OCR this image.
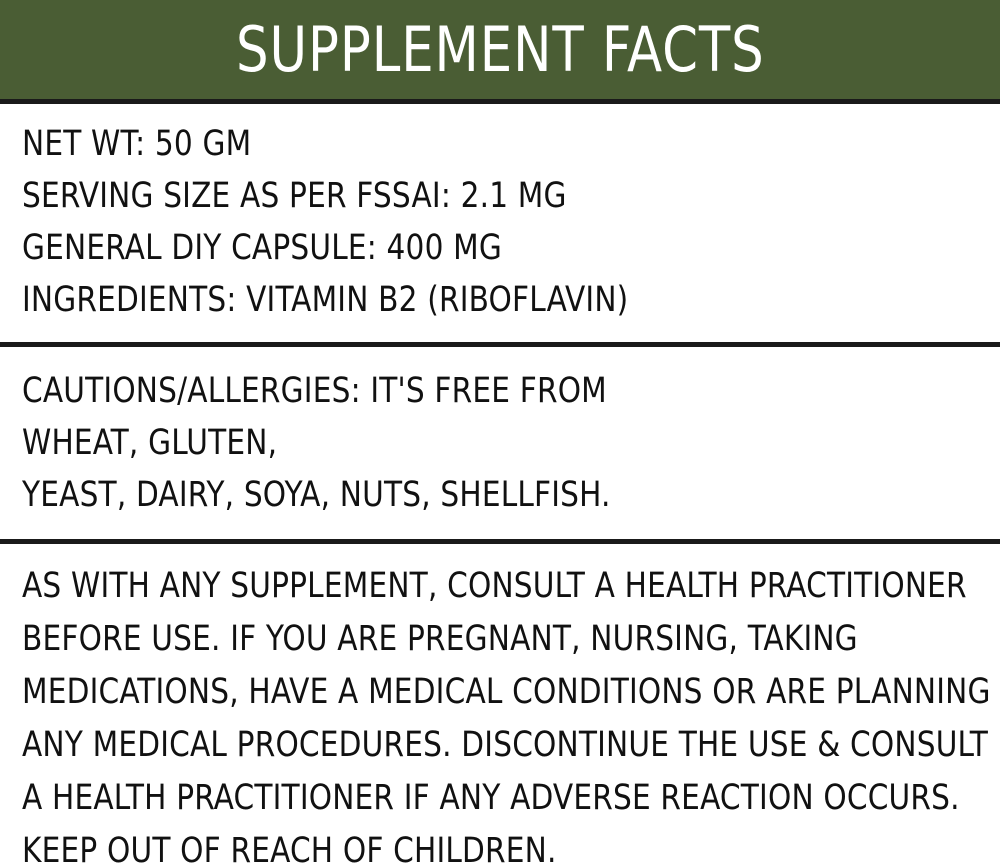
SUPPLEMENT FACTS
NET WT: 50 GM
SERVING SIZE AS PER FSSAI: 2.1 MG
GENERAL DIY CAPSULE: 400 MG
INGREDIENTS: VITAMIN B2 (RIBOFLAVIN)
CAUTIONS/ALLERGIES: IT'S FREE FROM
WHEAT, GLUTEN,
YEAST, DAIRY, SOYA, NUTS, SHELLFISH.
AS WITH ANY SUPPLEMENT, CONSULT A HEALTH PRACTITIONER
BEFORE USE. IF YOU ARE PREGNANT, NURSING, TAKING
MEDICATIONS, HAVE A MEDICAL CONDITIONS OR ARE PLANNING
ANY MEDICAL PROCEDURES. DISCONTINUE THE USE & CONSULT
A HEALTH PRACTITIONER IF ANY ADVERSE REACTION OCCURS.
KEEP OUT OF REACH OF CHILDREN.
